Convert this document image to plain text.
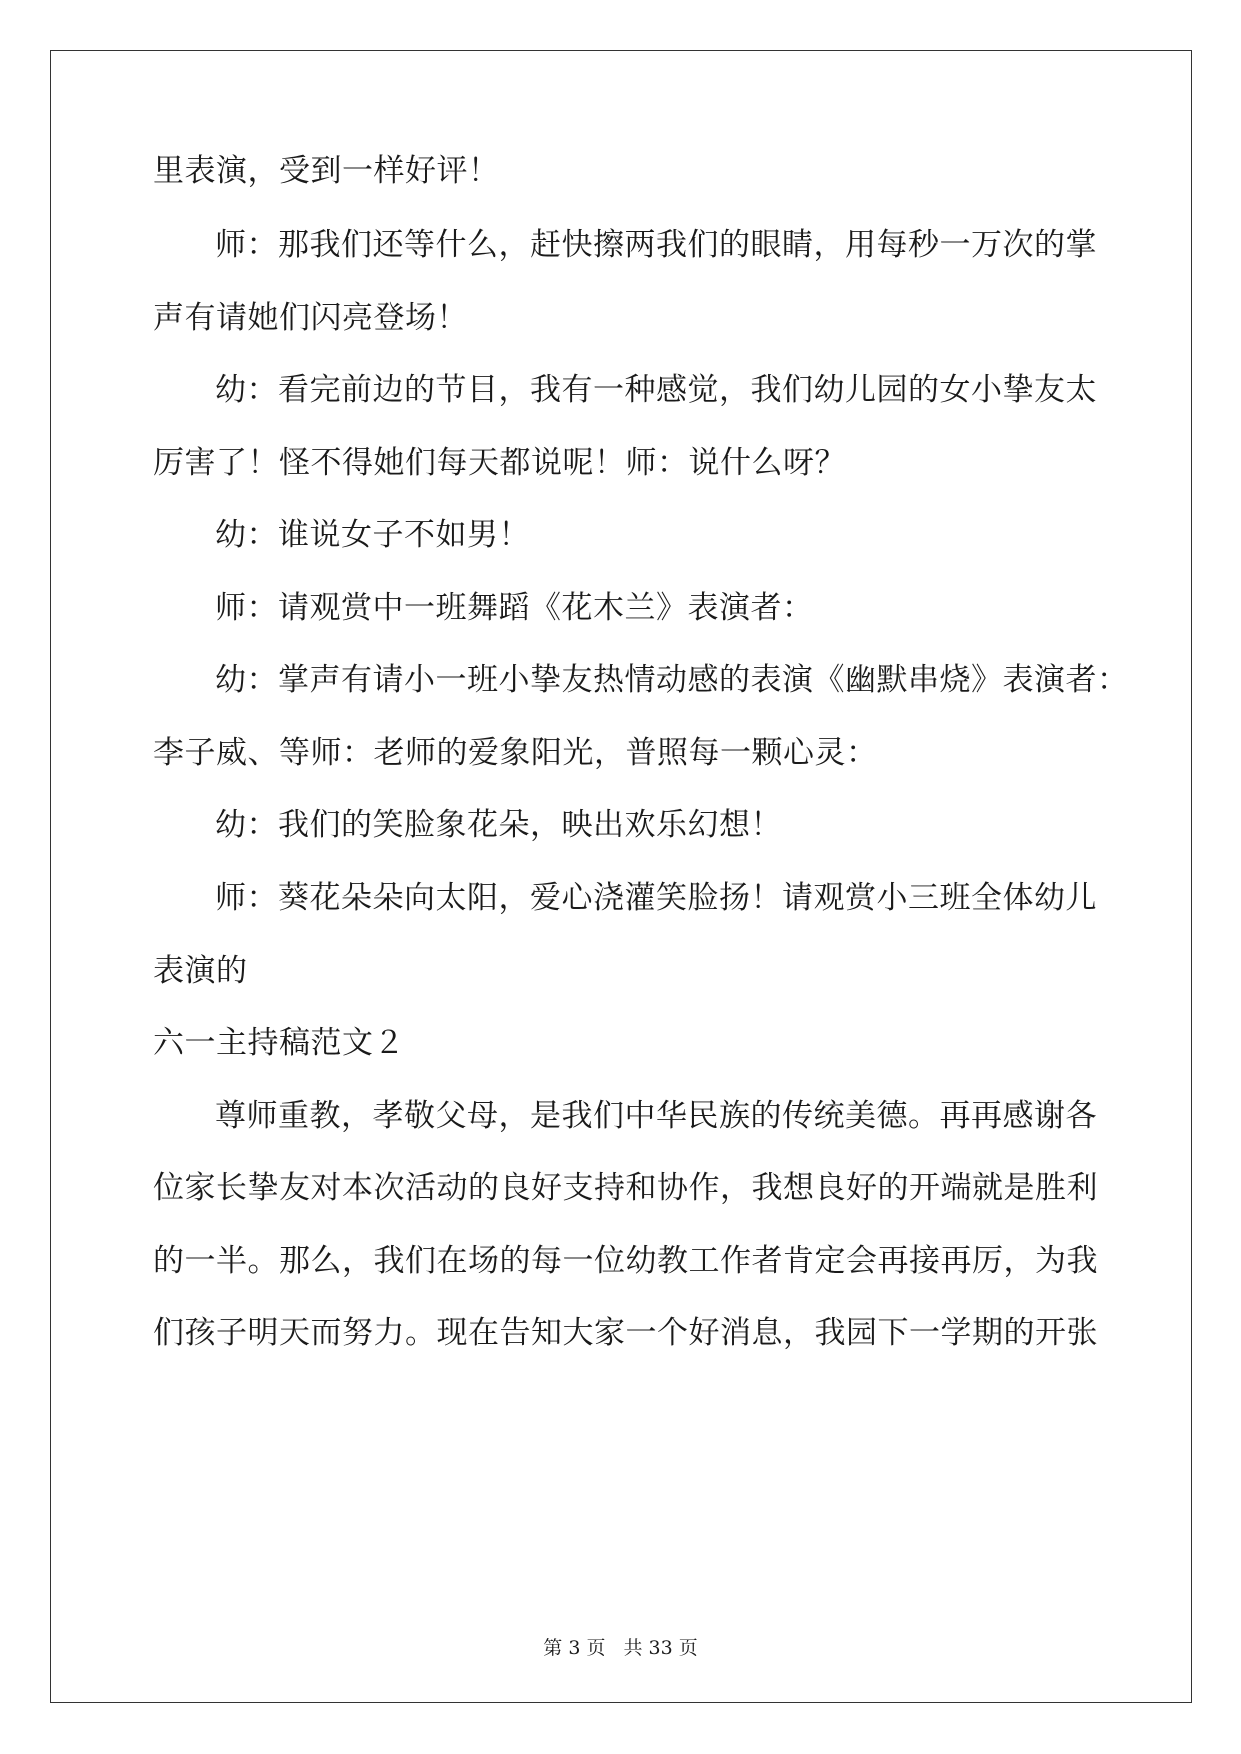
里表演，受到一样好评！

师：那我们还等什么，赶快擦两我们的眼睛，用每秒一万次的掌

声有请她们闪亮登场！

幼：看完前边的节目，我有一种感觉，我们幼儿园的女小挚友太

厉害了！怪不得她们每天都说呢！师：说什么呀？

幼：谁说女子不如男！

师：请观赏中一班舞蹈《花木兰》表演者：

幼：掌声有请小一班小挚友热情动感的表演《幽默串烧》表演者：

李子威、等师：老师的爱象阳光，普照每一颗心灵：

幼：我们的笑脸象花朵，映出欢乐幻想！

师：葵花朵朵向太阳，爱心浇灌笑脸扬！请观赏小三班全体幼儿

表演的

六一主持稿范文２

尊师重教，孝敬父母，是我们中华民族的传统美德。再再感谢各

位家长挚友对本次活动的良好支持和协作，我想良好的开端就是胜利

的一半。那么，我们在场的每一位幼教工作者肯定会再接再厉，为我

们孩子明天而努力。现在告知大家一个好消息，我园下一学期的开张

第 3 页 共 33 页
